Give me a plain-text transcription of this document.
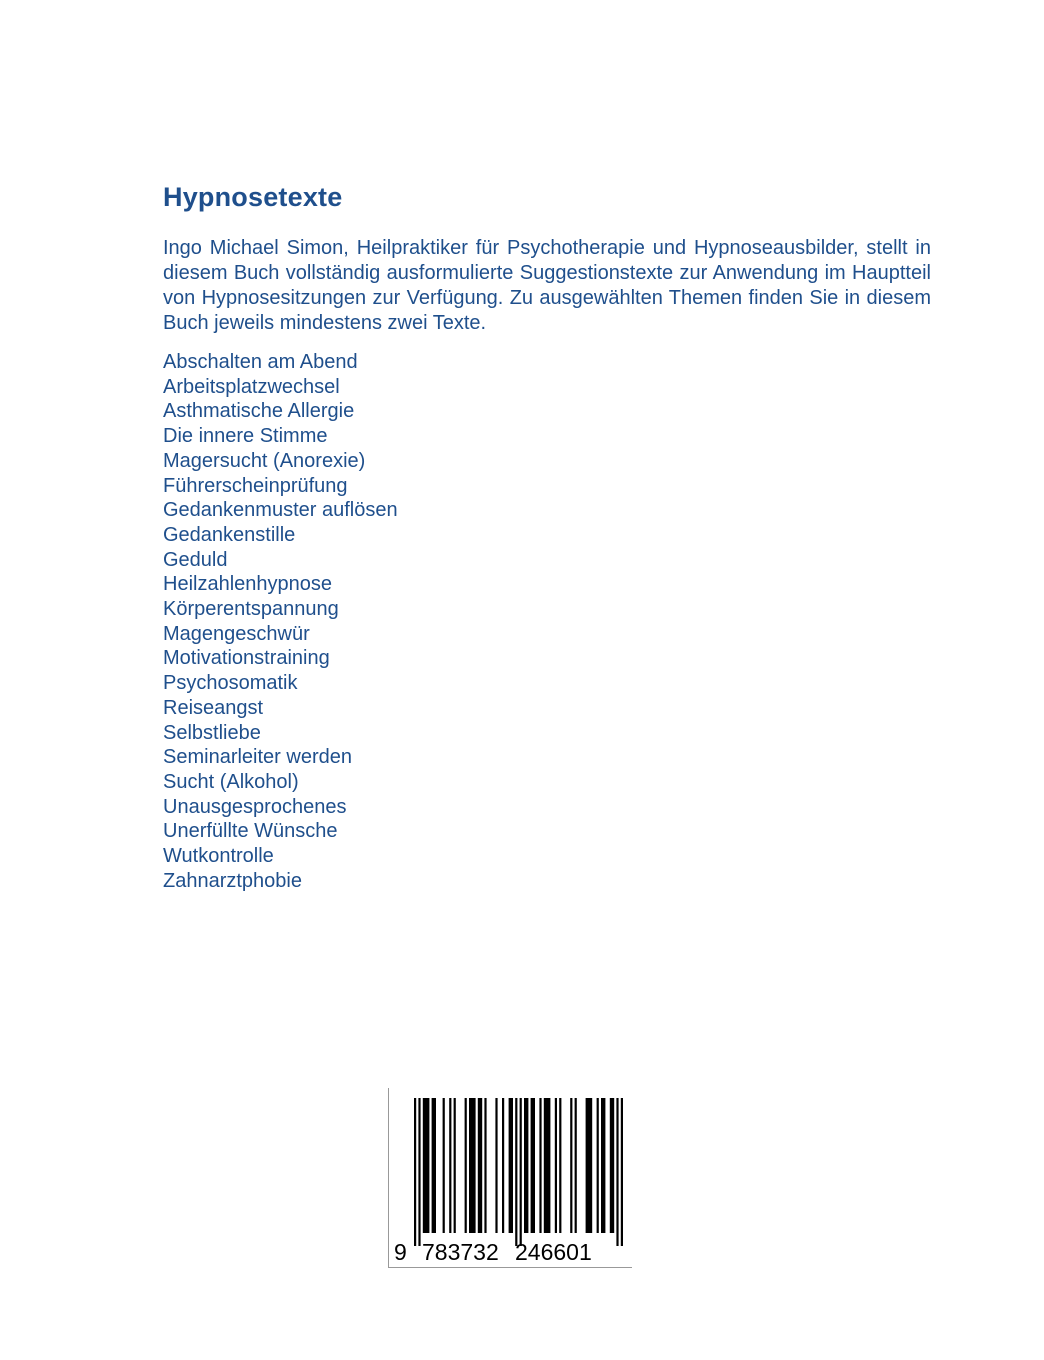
Hypnosetexte

Ingo Michael Simon, Heilpraktiker für Psychotherapie und Hypnoseausbilder, stellt in diesem Buch vollständig ausformulierte Suggestionstexte zur Anwendung im Hauptteil von Hypnosesitzungen zur Verfügung. Zu ausgewählten Themen finden Sie in diesem Buch jeweils mindestens zwei Texte.

Abschalten am Abend
Arbeitsplatzwechsel
Asthmatische Allergie
Die innere Stimme
Magersucht (Anorexie)
Führerscheinprüfung
Gedankenmuster auflösen
Gedankenstille
Geduld
Heilzahlenhypnose
Körperentspannung
Magengeschwür
Motivationstraining
Psychosomatik
Reiseangst
Selbstliebe
Seminarleiter werden
Sucht (Alkohol)
Unausgesprochenes
Unerfüllte Wünsche
Wutkontrolle
Zahnarztphobie
9 783732 246601
